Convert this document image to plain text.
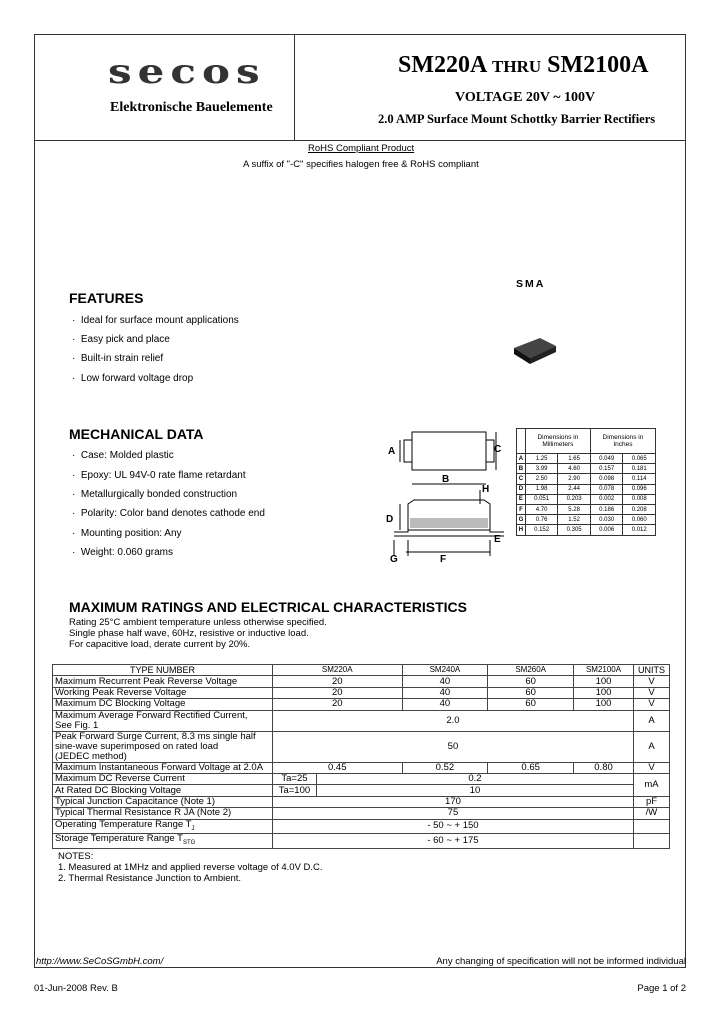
secos
Elektronische Bauelemente
SM220A THRU SM2100A
VOLTAGE 20V ~ 100V
2.0 AMP Surface Mount Schottky Barrier Rectifiers
RoHS Compliant Product
A suffix of "-C" specifies halogen free & RoHS compliant
SMA
FEATURES
·  Ideal for surface mount applications
·  Easy pick and place
·  Built-in strain relief
·  Low forward voltage drop
MECHANICAL DATA
·  Case: Molded plastic
·  Epoxy: UL 94V-0 rate flame retardant
·  Metallurgically bonded construction
·  Polarity: Color band denotes cathode end
·  Mounting position: Any
·  Weight: 0.060 grams
A	C
B
D
H
E
G	F
	Dimensions in
Millimeters		Dimensions in
Inches	
A	1.25	1.65	0.049	0.065
B	3.99	4.60	0.157	0.181
C	2.50	2.90	0.098	0.114
D	1.98	2.44	0.078	0.096
E	0.051	0.203	0.002	0.008
F	4.70	5.28	0.186	0.208
G	0.76	1.52	0.030	0.060
H	0.152	0.305	0.006	0.012
MAXIMUM RATINGS AND ELECTRICAL CHARACTERISTICS
Rating 25°C ambient temperature unless otherwise specified.
Single phase half wave, 60Hz, resistive or inductive load.
For capacitive load, derate current by 20%.
TYPE NUMBER	SM220A		SM240A	SM260A	SM2100A	UNITS
Maximum Recurrent Peak Reverse Voltage	20		40	60	100	V
Working Peak Reverse Voltage	20		40	60	100	V
Maximum DC Blocking Voltage	20		40	60	100	V
Maximum Average Forward Rectified Current,
See Fig. 1	2.0					A
Peak Forward Surge Current, 8.3 ms single half
sine-wave superimposed on rated load
(JEDEC method)	50					A
Maximum Instantaneous Forward Voltage at 2.0A	0.45		0.52	0.65	0.80	V
Maximum DC Reverse Current	Ta=25	0.2				mA
At Rated DC Blocking Voltage	Ta=100	10				
Typical Junction Capacitance (Note 1)	170					pF
Typical Thermal Resistance R JA (Note 2)	75					/W
Operating Temperature Range $T_J$	- 50 ~ + 150					
Storage Temperature Range $T_{STG}$	- 60 ~ + 175					
NOTES:
1. Measured at 1MHz and applied reverse voltage of 4.0V D.C.
2. Thermal Resistance Junction to Ambient.
http://www.SeCoSGmbH.com/	Any changing of specification will not be informed individual
01-Jun-2008 Rev. B	Page 1 of 2
